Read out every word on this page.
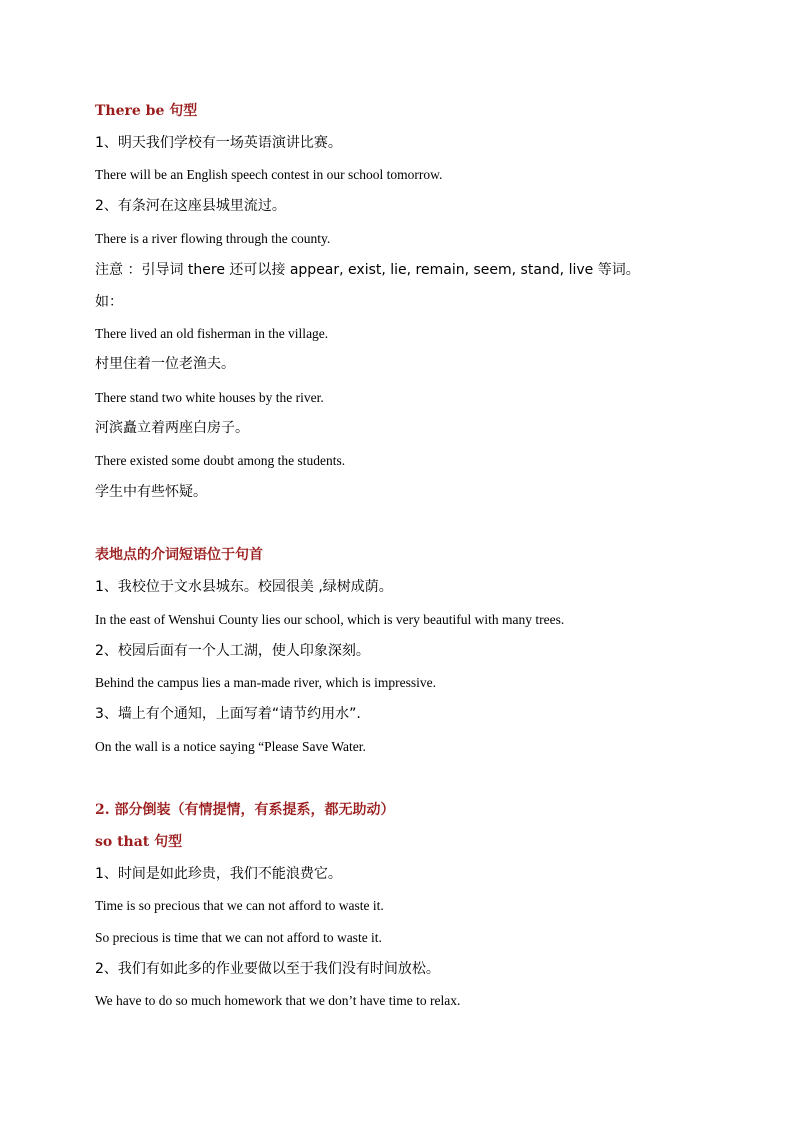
There be 句型
1、明天我们学校有一场英语演讲比赛。
There will be an English speech contest in our school tomorrow.
2、有条河在这座县城里流过。
There is a river flowing through the county.
注意 ：引导词 there 还可以接 appear, exist, lie, remain, seem, stand, live 等词。
如：
There lived an old fisherman in the village.
村里住着一位老渔夫。
There stand two white houses by the river.
河滨矗立着两座白房子。
There existed some doubt among the students.
学生中有些怀疑。
表地点的介词短语位于句首
1、我校位于文水县城东。校园很美 ,绿树成荫。
In the east of Wenshui County lies our school, which is very beautiful with many trees.
2、校园后面有一个人工湖，使人印象深刻。
Behind the campus lies a man-made river, which is impressive.
3、墙上有个通知，上面写着“请节约用水”.
On the wall is a notice saying “Please Save Water.
2. 部分倒装（有情提情，有系提系，都无助动）
so that 句型
1、时间是如此珍贵，我们不能浪费它。
Time is so precious that we can not afford to waste it.
So precious is time that we can not afford to waste it.
2、我们有如此多的作业要做以至于我们没有时间放松。
We have to do so much homework that we don’t have time to relax.
